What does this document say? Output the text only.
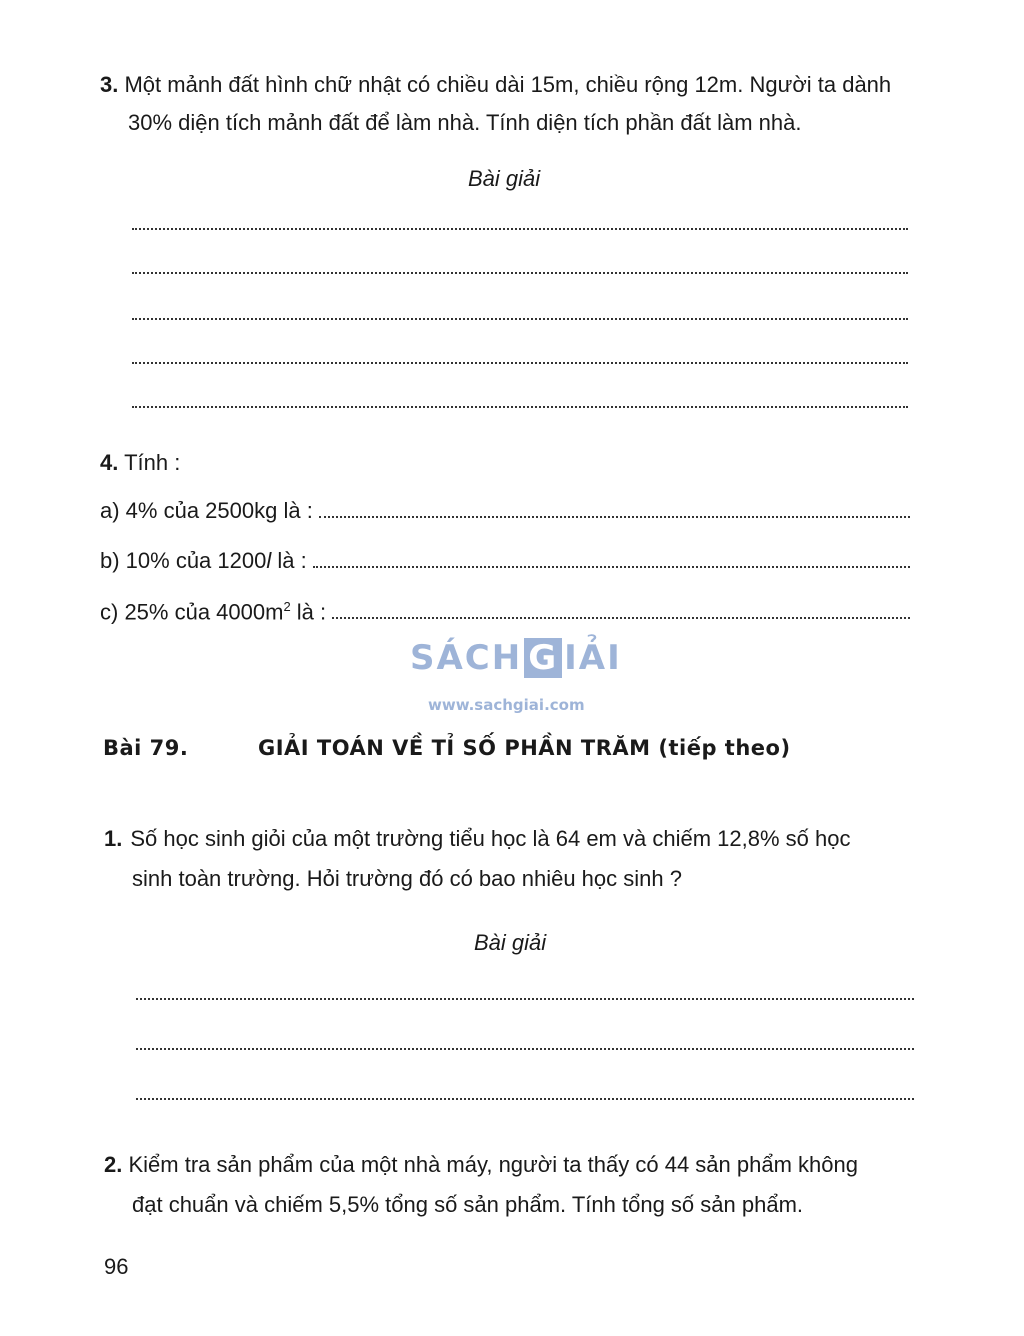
3. Một mảnh đất hình chữ nhật có chiều dài 15m, chiều rộng 12m. Người ta dành
30% diện tích mảnh đất để làm nhà. Tính diện tích phần đất làm nhà.
Bài giải
4. Tính :
a) 4% của 2500kg là :
b) 10% của 1200l là :
c) 25% của $4000m^2$ là :
SÁCH G IẢI
www.sachgiai.com
Bài 79.	GIẢI TOÁN VỀ TỈ SỐ PHẦN TRĂM (tiếp theo)
1. Số học sinh giỏi của một trường tiểu học là 64 em và chiếm 12,8% số học
sinh toàn trường. Hỏi trường đó có bao nhiêu học sinh ?
Bài giải
2. Kiểm tra sản phẩm của một nhà máy, người ta thấy có 44 sản phẩm không
đạt chuẩn và chiếm 5,5% tổng số sản phẩm. Tính tổng số sản phẩm.
96
